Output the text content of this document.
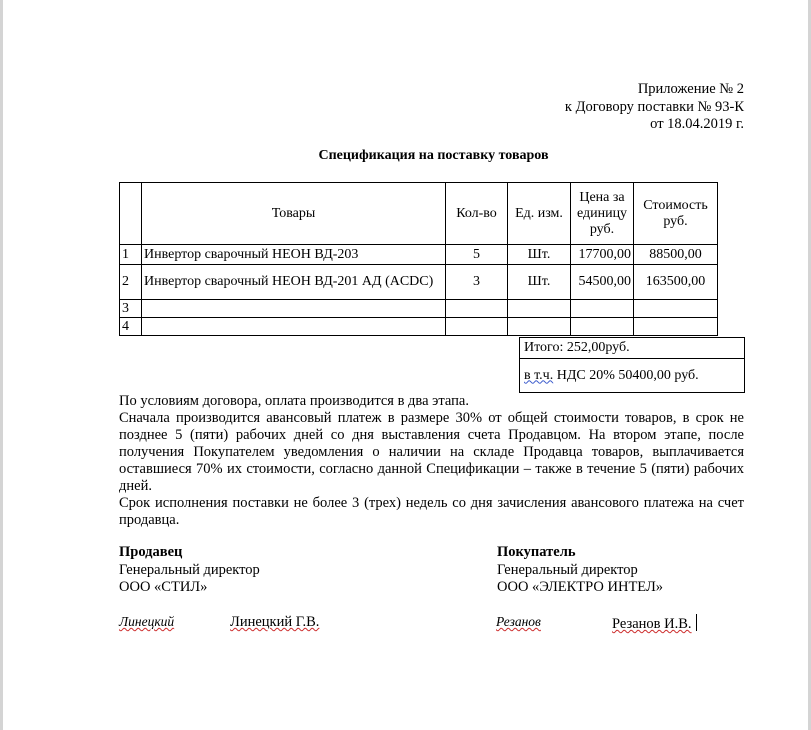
Приложение № 2
к Договору поставки № 93-К
от 18.04.2019 г.
Спецификация на поставку товаров
	Товары	Кол-во	Ед. изм.	Цена за единицу руб.	Стоимость руб.
1	Инвертор сварочный НЕОН ВД-203	5	Шт.	17700,00	88500,00
2	Инвертор сварочный НЕОН ВД-201 АД (ACDC)	3	Шт.	54500,00	163500,00
3					
4					
Итого: 252,00руб.
в т.ч. НДС 20% 50400,00 руб.

По условиям договора, оплата производится в два этапа.

Сначала производится авансовый платеж в размере 30% от общей стоимости товаров, в срок не позднее 5 (пяти) рабочих дней со дня выставления счета Продавцом. На втором этапе, после получения Покупателем уведомления о наличии на складе Продавца товаров, выплачивается оставшиеся 70% их стоимости, согласно данной Спецификации – также в течение 5 (пяти) рабочих дней.

Срок исполнения поставки не более 3 (трех) недель со дня зачисления авансового платежа на счет продавца.

Продавец
Генеральный директор
ООО «СТИЛ»
Покупатель
Генеральный директор
ООО «ЭЛЕКТРО ИНТЕЛ»
Линецкий	Линецкий Г.В.	Резанов	Резанов И.В.
